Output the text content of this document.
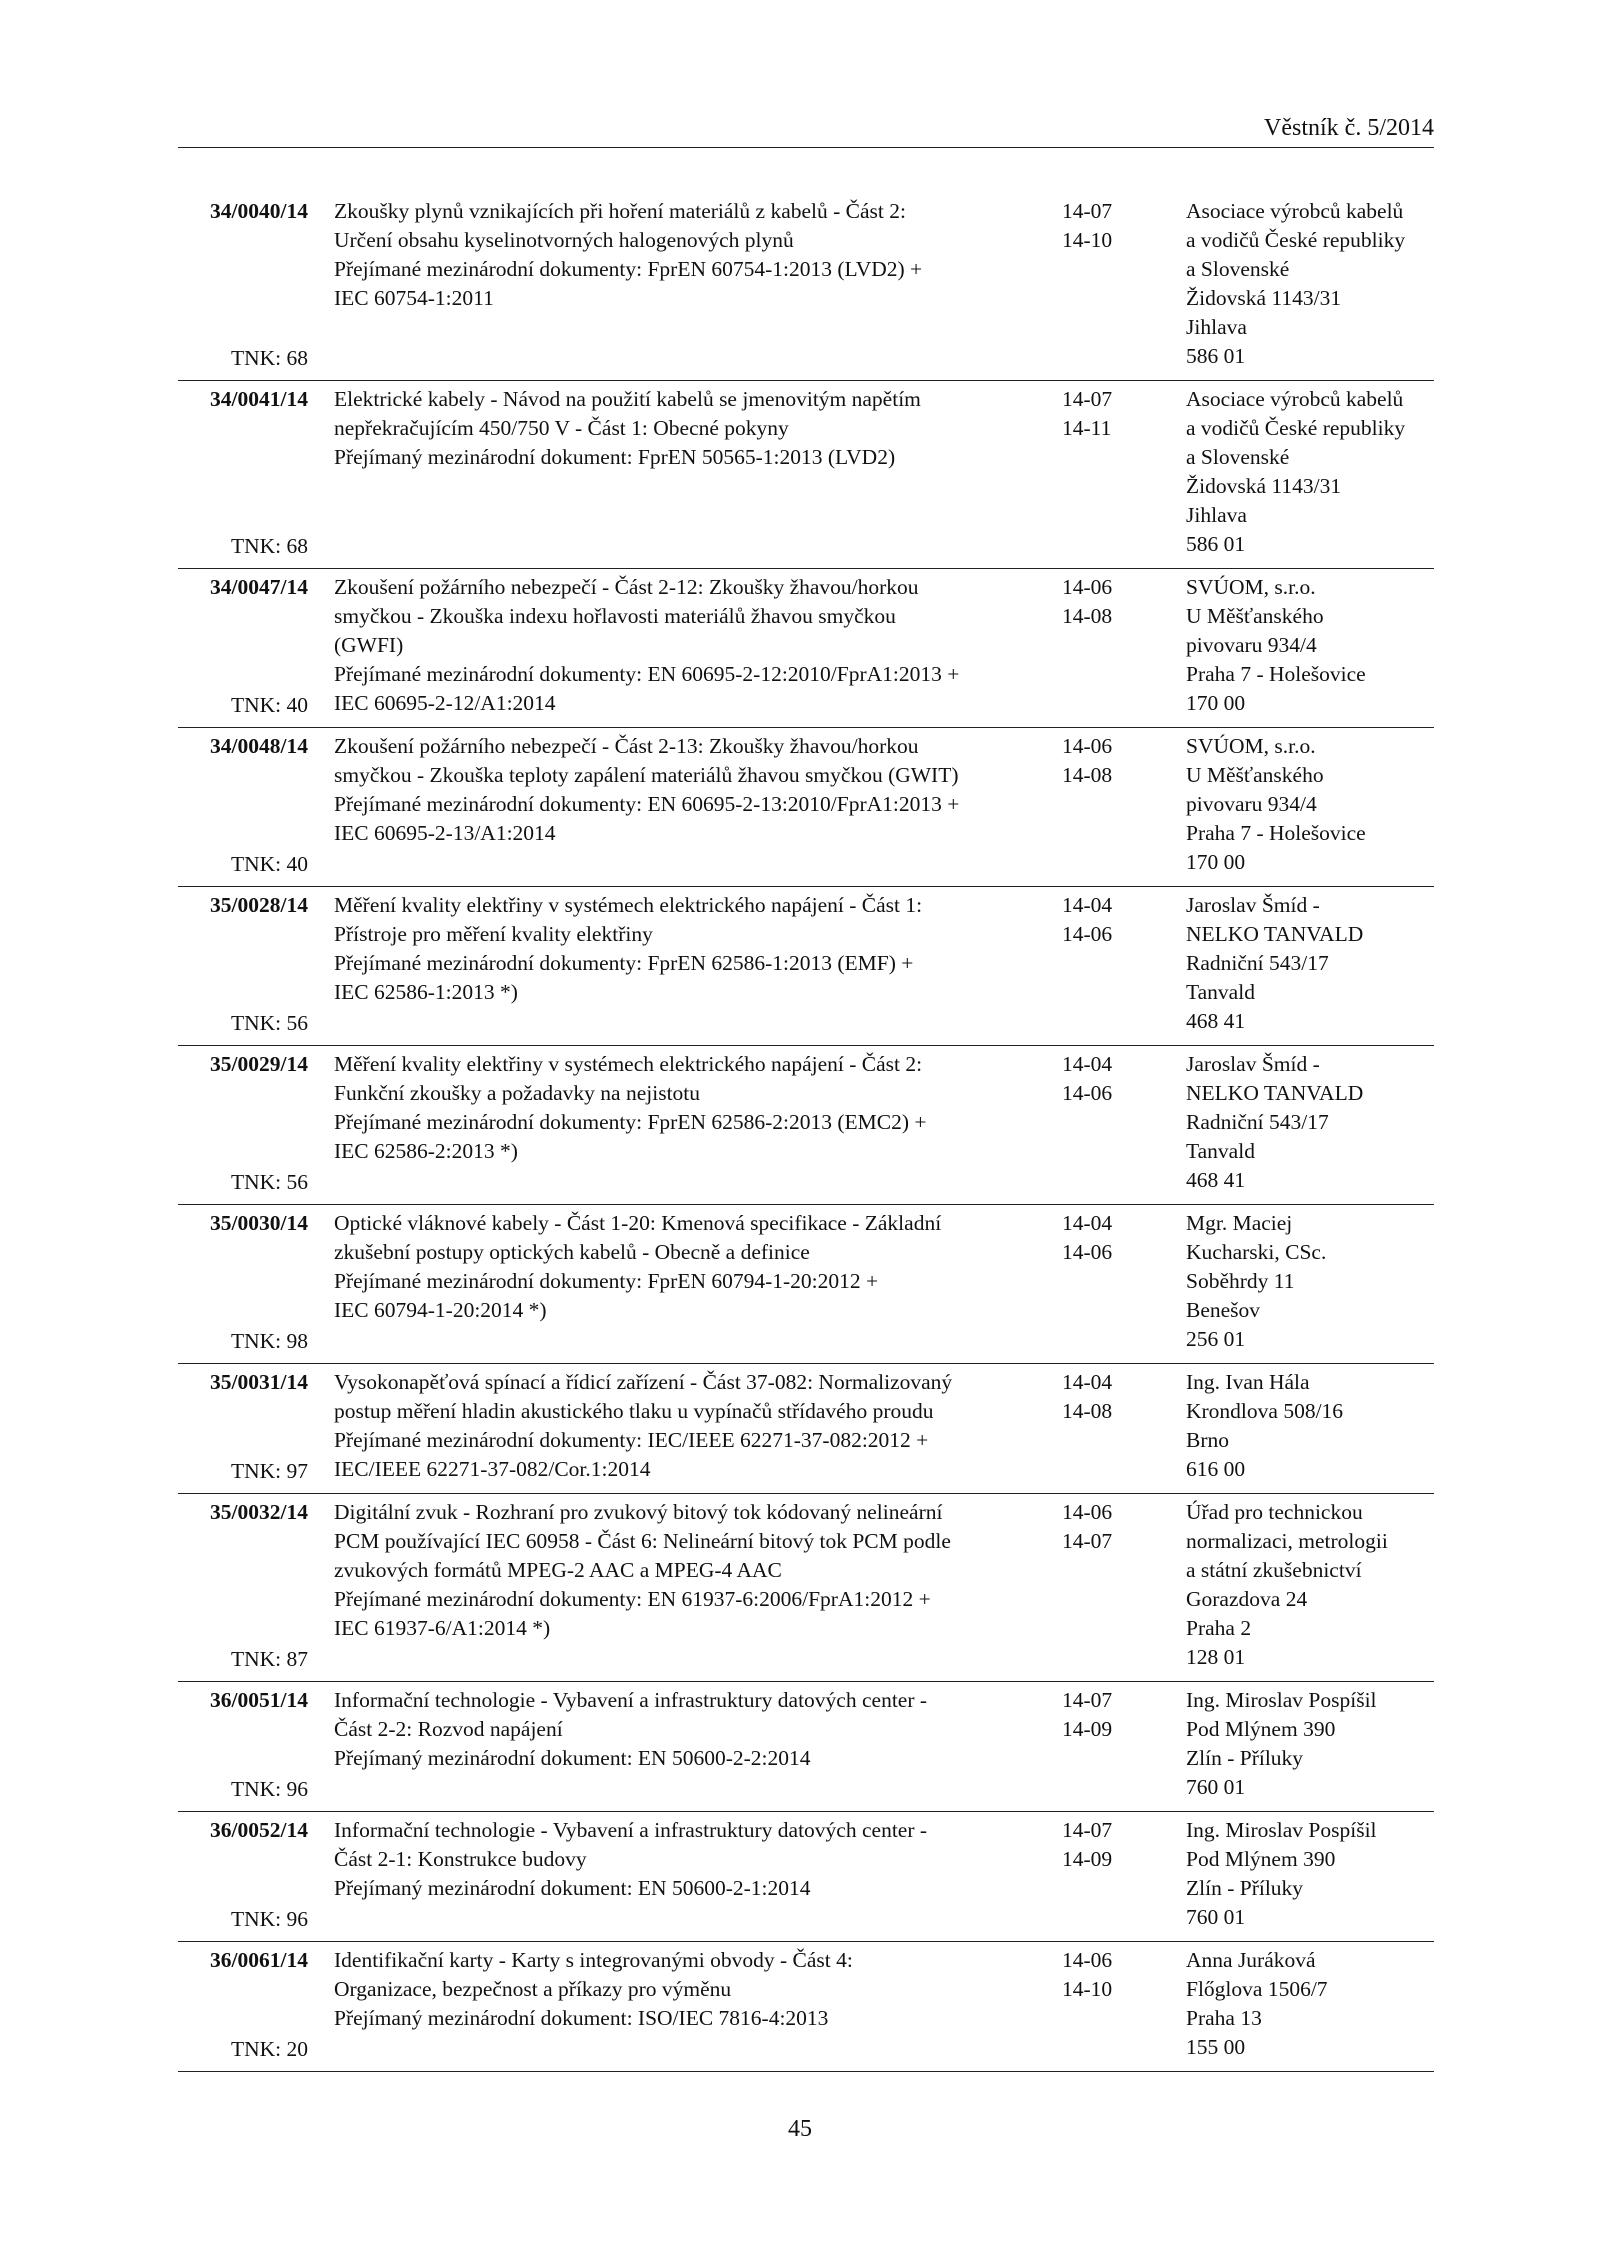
Věstník č. 5/2014
34/0040/14
TNK: 68
Zkoušky plynů vznikajících při hoření materiálů z kabelů - Část 2:
Určení obsahu kyselinotvorných halogenových plynů
Přejímané mezinárodní dokumenty: FprEN 60754-1:2013 (LVD2) +
IEC 60754-1:2011
14-07
14-10
Asociace výrobců kabelů
a vodičů České republiky
a Slovenské
Židovská 1143/31
Jihlava
586 01
34/0041/14
TNK: 68
Elektrické kabely - Návod na použití kabelů se jmenovitým napětím
nepřekračujícím 450/750 V - Část 1: Obecné pokyny
Přejímaný mezinárodní dokument: FprEN 50565-1:2013 (LVD2)
14-07
14-11
Asociace výrobců kabelů
a vodičů České republiky
a Slovenské
Židovská 1143/31
Jihlava
586 01
34/0047/14
TNK: 40
Zkoušení požárního nebezpečí - Část 2-12: Zkoušky žhavou/horkou
smyčkou - Zkouška indexu hořlavosti materiálů žhavou smyčkou
(GWFI)
Přejímané mezinárodní dokumenty: EN 60695-2-12:2010/FprA1:2013 +
IEC 60695-2-12/A1:2014
14-06
14-08
SVÚOM, s.r.o.
U Měšťanského
pivovaru 934/4
Praha 7 - Holešovice
170 00
34/0048/14
TNK: 40
Zkoušení požárního nebezpečí - Část 2-13: Zkoušky žhavou/horkou
smyčkou - Zkouška teploty zapálení materiálů žhavou smyčkou (GWIT)
Přejímané mezinárodní dokumenty: EN 60695-2-13:2010/FprA1:2013 +
IEC 60695-2-13/A1:2014
14-06
14-08
SVÚOM, s.r.o.
U Měšťanského
pivovaru 934/4
Praha 7 - Holešovice
170 00
35/0028/14
TNK: 56
Měření kvality elektřiny v systémech elektrického napájení - Část 1:
Přístroje pro měření kvality elektřiny
Přejímané mezinárodní dokumenty: FprEN 62586-1:2013 (EMF) +
IEC 62586-1:2013 *)
14-04
14-06
Jaroslav Šmíd -
NELKO TANVALD
Radniční 543/17
Tanvald
468 41
35/0029/14
TNK: 56
Měření kvality elektřiny v systémech elektrického napájení - Část 2:
Funkční zkoušky a požadavky na nejistotu
Přejímané mezinárodní dokumenty: FprEN 62586-2:2013 (EMC2) +
IEC 62586-2:2013 *)
14-04
14-06
Jaroslav Šmíd -
NELKO TANVALD
Radniční 543/17
Tanvald
468 41
35/0030/14
TNK: 98
Optické vláknové kabely - Část 1-20: Kmenová specifikace - Základní
zkušební postupy optických kabelů - Obecně a definice
Přejímané mezinárodní dokumenty: FprEN 60794-1-20:2012 +
IEC 60794-1-20:2014 *)
14-04
14-06
Mgr. Maciej
Kucharski, CSc.
Soběhrdy 11
Benešov
256 01
35/0031/14
TNK: 97
Vysokonapěťová spínací a řídicí zařízení - Část 37-082: Normalizovaný
postup měření hladin akustického tlaku u vypínačů střídavého proudu
Přejímané mezinárodní dokumenty: IEC/IEEE 62271-37-082:2012 +
IEC/IEEE 62271-37-082/Cor.1:2014
14-04
14-08
Ing. Ivan Hála
Krondlova 508/16
Brno
616 00
35/0032/14
TNK: 87
Digitální zvuk - Rozhraní pro zvukový bitový tok kódovaný nelineární
PCM používající IEC 60958 - Část 6: Nelineární bitový tok PCM podle
zvukových formátů MPEG-2 AAC a MPEG-4 AAC
Přejímané mezinárodní dokumenty: EN 61937-6:2006/FprA1:2012 +
IEC 61937-6/A1:2014 *)
14-06
14-07
Úřad pro technickou
normalizaci, metrologii
a státní zkušebnictví
Gorazdova 24
Praha 2
128 01
36/0051/14
TNK: 96
Informační technologie - Vybavení a infrastruktury datových center -
Část 2-2: Rozvod napájení
Přejímaný mezinárodní dokument: EN 50600-2-2:2014
14-07
14-09
Ing. Miroslav Pospíšil
Pod Mlýnem 390
Zlín - Příluky
760 01
36/0052/14
TNK: 96
Informační technologie - Vybavení a infrastruktury datových center -
Část 2-1: Konstrukce budovy
Přejímaný mezinárodní dokument: EN 50600-2-1:2014
14-07
14-09
Ing. Miroslav Pospíšil
Pod Mlýnem 390
Zlín - Příluky
760 01
36/0061/14
TNK: 20
Identifikační karty - Karty s integrovanými obvody - Část 4:
Organizace, bezpečnost a příkazy pro výměnu
Přejímaný mezinárodní dokument: ISO/IEC 7816-4:2013
14-06
14-10
Anna Juráková
Flőglova 1506/7
Praha 13
155 00
45
